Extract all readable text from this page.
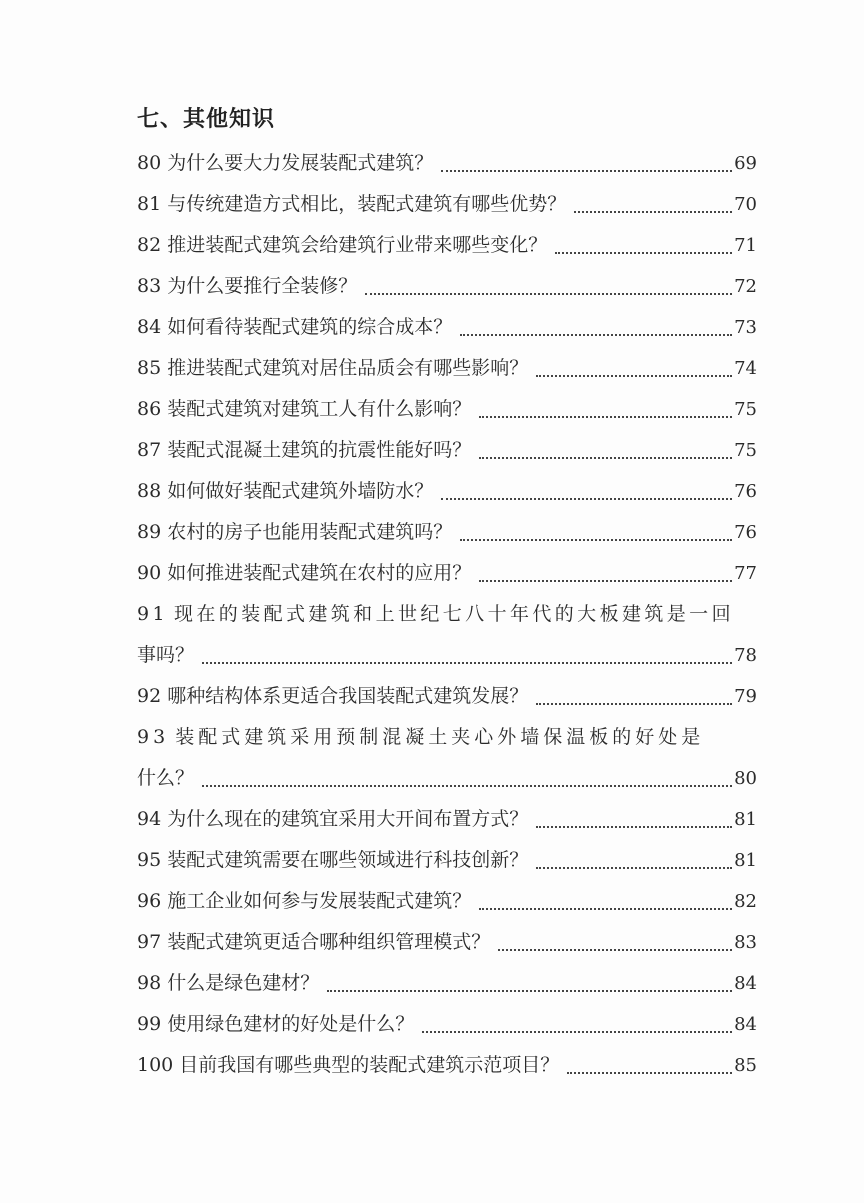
七、其他知识
80 为什么要大力发展装配式建筑？	69
81 与传统建造方式相比，装配式建筑有哪些优势？	70
82 推进装配式建筑会给建筑行业带来哪些变化？	71
83 为什么要推行全装修？	72
84 如何看待装配式建筑的综合成本？	73
85 推进装配式建筑对居住品质会有哪些影响？	74
86 装配式建筑对建筑工人有什么影响？	75
87 装配式混凝土建筑的抗震性能好吗？	75
88 如何做好装配式建筑外墙防水？	76
89 农村的房子也能用装配式建筑吗？	76
90 如何推进装配式建筑在农村的应用？	77
91 现在的装配式建筑和上世纪七八十年代的大板建筑是一回
事吗？	78
92 哪种结构体系更适合我国装配式建筑发展？	79
93 装配式建筑采用预制混凝土夹心外墙保温板的好处是
什么？	80
94 为什么现在的建筑宜采用大开间布置方式？	81
95 装配式建筑需要在哪些领域进行科技创新？	81
96 施工企业如何参与发展装配式建筑？	82
97 装配式建筑更适合哪种组织管理模式？	83
98 什么是绿色建材？	84
99 使用绿色建材的好处是什么？	84
100 目前我国有哪些典型的装配式建筑示范项目？	85
